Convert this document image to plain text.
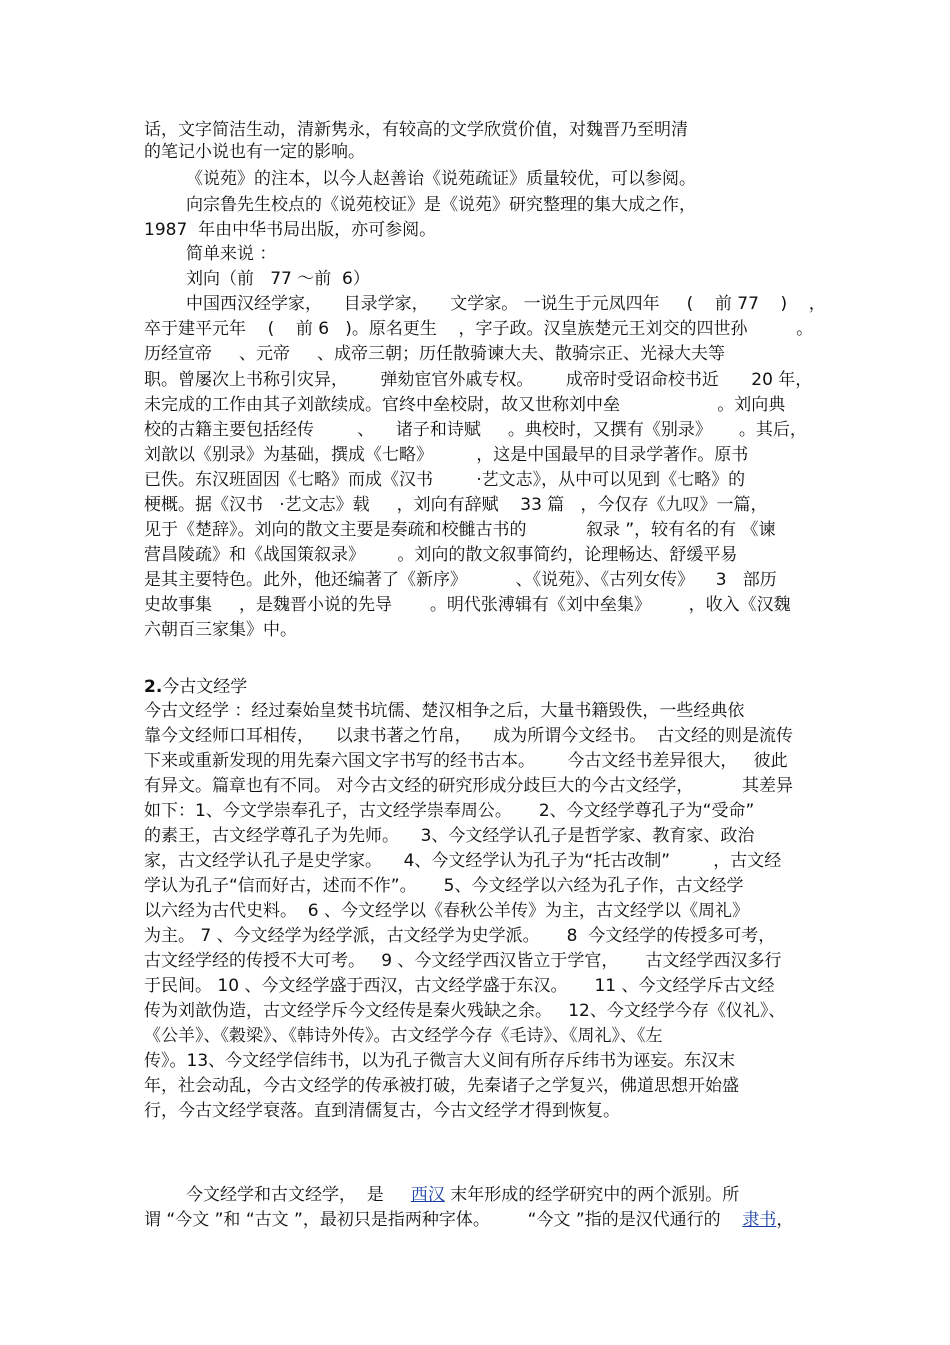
话，文字简洁生动，清新隽永，有较高的文学欣赏价值，对魏晋乃至明清
的笔记小说也有一定的影响。
《说苑》的注本，以今人赵善诒《说苑疏证》质量较优，可以参阅。
向宗鲁先生校点的《说苑校证》是《说苑》研究整理的集大成之作，
1987  年由中华书局出版，亦可参阅。
简单来说 ：
刘向（前   77 ～前  6）
中国西汉经学家，    目录学家，    文学家。 一说生于元凤四年     (    前 77    )    ，
卒于建平元年    (    前 6   )。原名更生    ，字子政。汉皇族楚元王刘交的四世孙         。
历经宣帝     、元帝     、成帝三朝；历任散骑谏大夫、散骑宗正、光禄大夫等
职。曾屡次上书称引灾异，      弹劾宦官外戚专权。      成帝时受诏命校书近      20 年，
未完成的工作由其子刘歆续成。官终中垒校尉，故又世称刘中垒                  。刘向典
校的古籍主要包括经传        、    诸子和诗赋     。典校时，又撰有《别录》     。其后，
刘歆以《别录》为基础，撰成《七略》        ，这是中国最早的目录学著作。原书
已佚。东汉班固因《七略》而成《汉书        ·艺文志》，从中可以见到《七略》的
梗概。据《汉书   ·艺文志》载     ，刘向有辞赋    33 篇   ，今仅存《九叹》一篇，
见于《楚辞》。刘向的散文主要是奏疏和校雠古书的           叙录 ”，较有名的有 《谏
营昌陵疏》和《战国策叙录》      。刘向的散文叙事简约，论理畅达、舒缓平易
是其主要特色。此外，他还编著了《新序》         、《说苑》、《古列女传》    3   部历
史故事集     ，是魏晋小说的先导       。明代张溥辑有《刘中垒集》       ，收入《汉魏
六朝百三家集》中。
2.今古文经学
今古文经学 ：经过秦始皇焚书坑儒、楚汉相争之后，大量书籍毁佚，一些经典依
靠今文经师口耳相传，    以隶书著之竹帛，    成为所谓今文经书。  古文经的则是流传
下来或重新发现的用先秦六国文字书写的经书古本。      今古文经书差异很大，   彼此
有异文。篇章也有不同。 对今古文经的研究形成分歧巨大的今古文经学，         其差异
如下：1、今文学崇奉孔子，古文经学崇奉周公。     2、今文经学尊孔子为“受命”
的素王，古文经学尊孔子为先师。    3、今文经学认孔子是哲学家、教育家、政治
家，古文经学认孔子是史学家。    4、今文经学认为孔子为“托古改制”        ，古文经
学认为孔子“信而好古，述而不作”。     5、今文经学以六经为孔子作，古文经学
以六经为古代史料。  6 、今文经学以《春秋公羊传》为主，古文经学以《周礼》
为主。 7 、今文经学为经学派，古文经学为史学派。     8  今文经学的传授多可考，
古文经学经的传授不大可考。   9 、今文经学西汉皆立于学官，     古文经学西汉多行
于民间。 10 、今文经学盛于西汉，古文经学盛于东汉。     11 、今文经学斥古文经
传为刘歆伪造，古文经学斥今文经传是秦火残缺之余。   12、今文经学今存《仪礼》、
《公羊》、《穀梁》、《韩诗外传》。古文经学今存《毛诗》、《周礼》、《左
传》。13、今文经学信纬书，以为孔子微言大义间有所存斥纬书为诬妄。东汉末
年，社会动乱，今古文经学的传承被打破，先秦诸子之学复兴，佛道思想开始盛
行，今古文经学衰落。直到清儒复古，今古文经学才得到恢复。
今文经学和古文经学，  是     西汉 末年形成的经学研究中的两个派别。所
谓 “今文 ”和 “古文 ”，最初只是指两种字体。       “今文 ”指的是汉代通行的    隶书，
